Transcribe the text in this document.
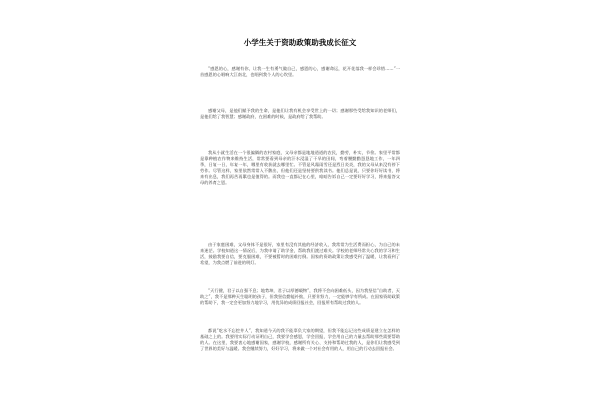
小学生关于资助政策助我成长征文

“感恩的心，感谢有你，让我一生有勇气做自己，感恩的心，感谢命运，花开花落我一样会珍惜……”一首感恩的心唱响大江南北，也唱到我个人的心坎里。

感谢父母，是他们赋予我的生命，是他们让我有机会享受世上的一切；感谢那些受给我知识的老师们，是他们给了我智慧；感谢政府，在困难的时候，是政府给了我帮助。

我从小就生活在一个很偏僻的农村家庭，父母亲都是地地道道的农民，勤劳，朴实，节俭。家里平常都是靠种植农作物来维持生活，常常要看到母亲的汗水浸湿了干旱的田间，弯着腰勤勤恳恳地工作，一年四季，日复一日，年复一年，哪里有收获就去哪里忙。不管是风霜雨雪还是烈日炎炎，我的父母从来没有停下劳作。尽管这样，家里依然常常入不敷出，但他们还是坚持要供我读书。他们总是说，只要你好好读书，将来有出息，我们再苦再累也是值得的。而我也一直都记在心里，暗暗告诉自己一定要好好学习，将来报答父母的养育之恩。

由于家庭困难，父母身体不是很好，家里有没有其他的经济收入，我常常为生活费而担心，为自己的未来迷茫。学校知道这一情况后，为我申请了助学金，帮助我们渡过难关。学校的老师经常关心我的学习和生活，鼓励我要自信，要克服困难，不要被暂时的困难打倒。国家的资助政策让我感受到了温暖，让我看到了希望，为我点燃了前进的明灯。

“天行健，君子以自强不息；地势坤，君子以厚德载物”，我将不会向困难低头，因为我坚信“自助者，天助之”，我不是那种天生聪明的孩子，但我坚信勤能补拙，只要肯努力，一定能够学有所成。在国家资助政策的帮助下，我一定会更加努力地学习，用优异的成绩回报社会，回报所有帮助过我的人。

都说“吃水不忘挖井人”，我知道今天的我不能辜负大家的期望，但我不能忘记这些成绩是建立在怎样的基础之上的。我要用实际行动证明自己，我要学会感恩，学会回报，学会用自己的力量去帮助那些需要帮助的人。在这里，我要衷心地感谢国家，感谢学校，感谢所有关心、支持和帮助过我的人，是你们让我感受到了世界的美好与温暖。我会继续努力，好好学习，将来做一个对社会有用的人，用自己的行动去回报社会。
